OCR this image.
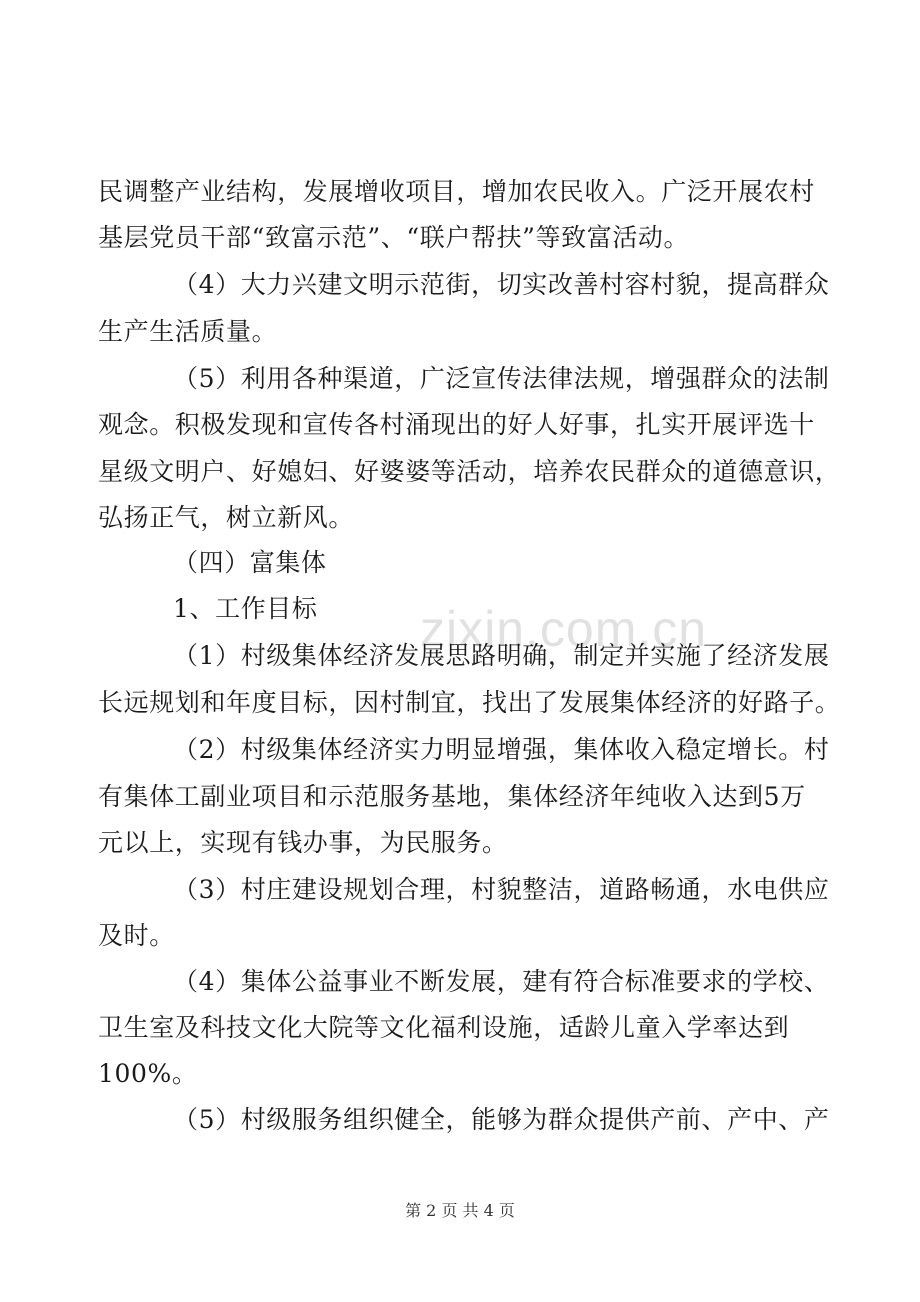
zixin.com.cn
民调整产业结构，发展增收项目，增加农民收入。广泛开展农村
基层党员干部“致富示范”、“联户帮扶”等致富活动。
（4）大力兴建文明示范街，切实改善村容村貌，提高群众
生产生活质量。
（5）利用各种渠道，广泛宣传法律法规，增强群众的法制
观念。积极发现和宣传各村涌现出的好人好事，扎实开展评选十
星级文明户、好媳妇、好婆婆等活动，培养农民群众的道德意识，
弘扬正气，树立新风。
（四）富集体
1、工作目标
（1）村级集体经济发展思路明确，制定并实施了经济发展
长远规划和年度目标，因村制宜，找出了发展集体经济的好路子。
（2）村级集体经济实力明显增强，集体收入稳定增长。村
有集体工副业项目和示范服务基地，集体经济年纯收入达到5万
元以上，实现有钱办事，为民服务。
（3）村庄建设规划合理，村貌整洁，道路畅通，水电供应
及时。
（4）集体公益事业不断发展，建有符合标准要求的学校、
卫生室及科技文化大院等文化福利设施，适龄儿童入学率达到
100%。
（5）村级服务组织健全，能够为群众提供产前、产中、产
第 2 页 共 4 页
